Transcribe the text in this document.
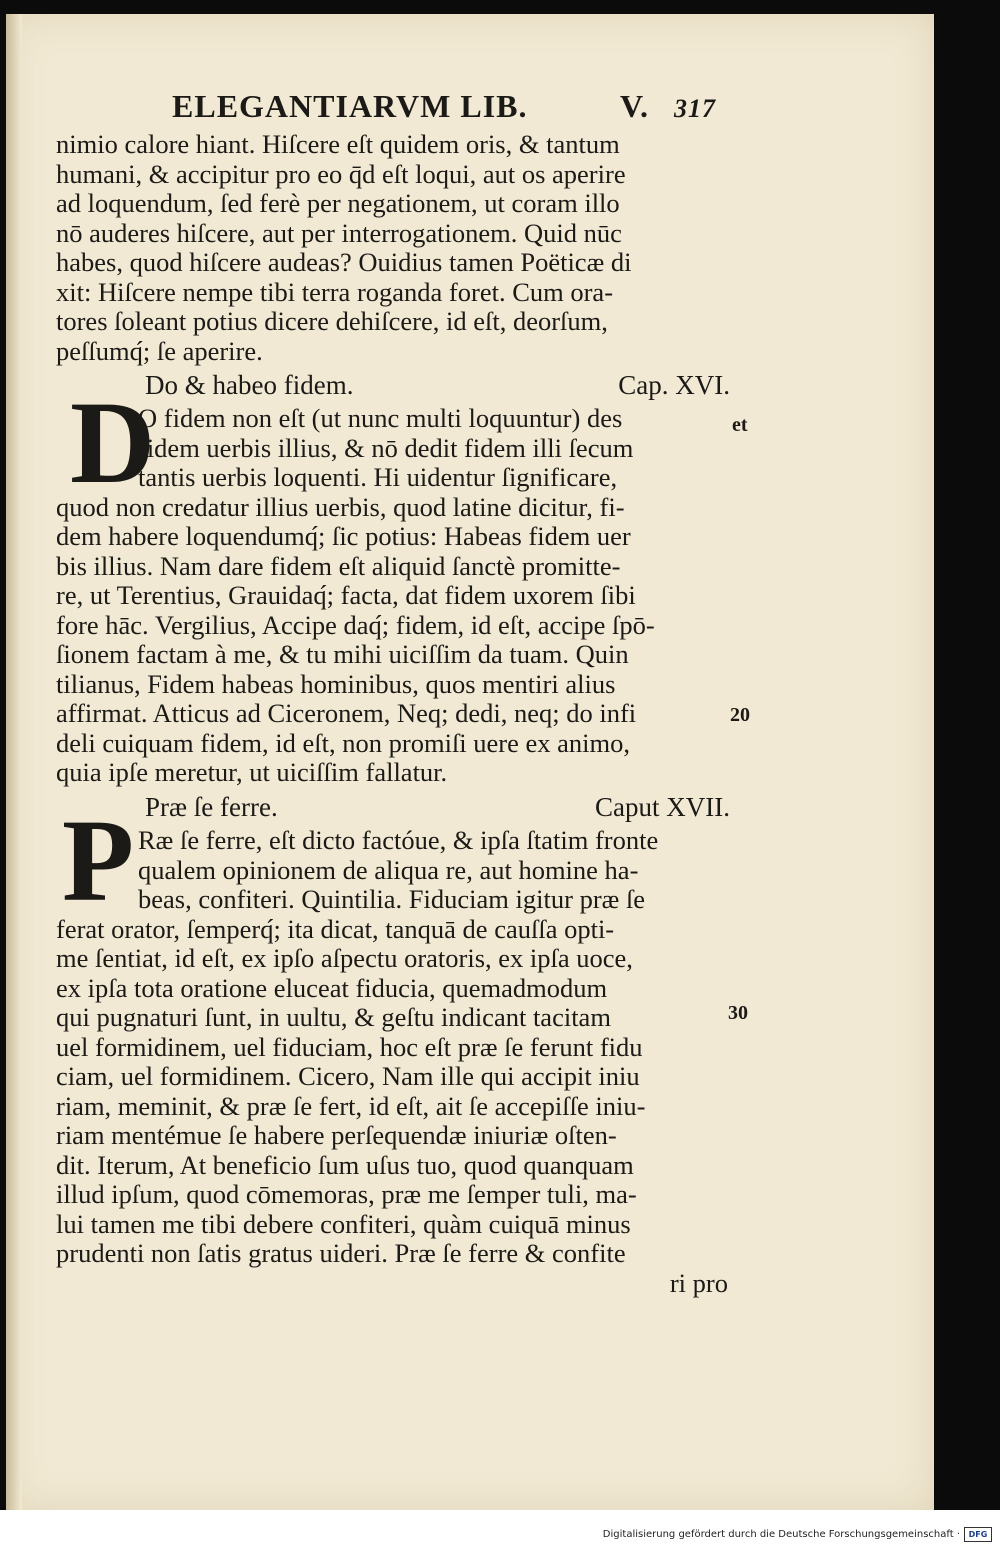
ELEGANTIARVM LIB.	V. 317
nimio calore hiant. Hiſcere eſt quidem oris, & tantum
humani, & accipitur pro eo q̄d eſt loqui, aut os aperire
ad loquendum, ſed ferè per negationem, ut coram illo
nō auderes hiſcere, aut per interrogationem. Quid nūc
habes, quod hiſcere audeas? Ouidius tamen Poëticæ di
xit: Hiſcere nempe tibi terra roganda foret. Cum ora-
tores ſoleant potius dicere dehiſcere, id eſt, deorſum,
peſſumq́; ſe aperire.
Do & habeo fidem.	Cap. XVI.
D
O fidem non eſt (ut nunc multi loquuntur) des
fidem uerbis illius, & nō dedit fidem illi ſecum
tantis uerbis loquenti. Hi uidentur ſignificare,
quod non credatur illius uerbis, quod latine dicitur, fi-
dem habere loquendumq́; ſic potius: Habeas fidem uer
bis illius. Nam dare fidem eſt aliquid ſanctè promitte-
re, ut Terentius, Grauidaq́; facta, dat fidem uxorem ſibi
fore hāc. Vergilius, Accipe daq́; fidem, id eſt, accipe ſpō-
ſionem factam à me, & tu mihi uiciſſim da tuam. Quin
tilianus, Fidem habeas hominibus, quos mentiri alius
affirmat. Atticus ad Ciceronem, Neq; dedi, neq; do infi
deli cuiquam fidem, id eſt, non promiſi uere ex animo,
quia ipſe meretur, ut uiciſſim fallatur.
Præ ſe ferre.	Caput XVII.
P Ræ ſe ferre, eſt dicto factóue, & ipſa ſtatim fronte
qualem opinionem de aliqua re, aut homine ha-
beas, confiteri. Quintilia. Fiduciam igitur præ ſe
ferat orator, ſemperq́; ita dicat, tanquā de cauſſa opti-
me ſentiat, id eſt, ex ipſo aſpectu oratoris, ex ipſa uoce,
ex ipſa tota oratione eluceat fiducia, quemadmodum
qui pugnaturi ſunt, in uultu, & geſtu indicant tacitam
uel formidinem, uel fiduciam, hoc eſt præ ſe ferunt fidu
ciam, uel formidinem. Cicero, Nam ille qui accipit iniu
riam, meminit, & præ ſe fert, id eſt, ait ſe accepiſſe iniu-
riam mentémue ſe habere perſequendæ iniuriæ oſten-
dit. Iterum, At beneficio ſum uſus tuo, quod quanquam
illud ipſum, quod cōmemoras, præ me ſemper tuli, ma-
lui tamen me tibi debere confiteri, quàm cuiquā minus
prudenti non ſatis gratus uideri. Præ ſe ferre & confite
ri pro
et
20
30
Digitalisierung gefördert durch die Deutsche Forschungsgemeinschaft ·	DFG
